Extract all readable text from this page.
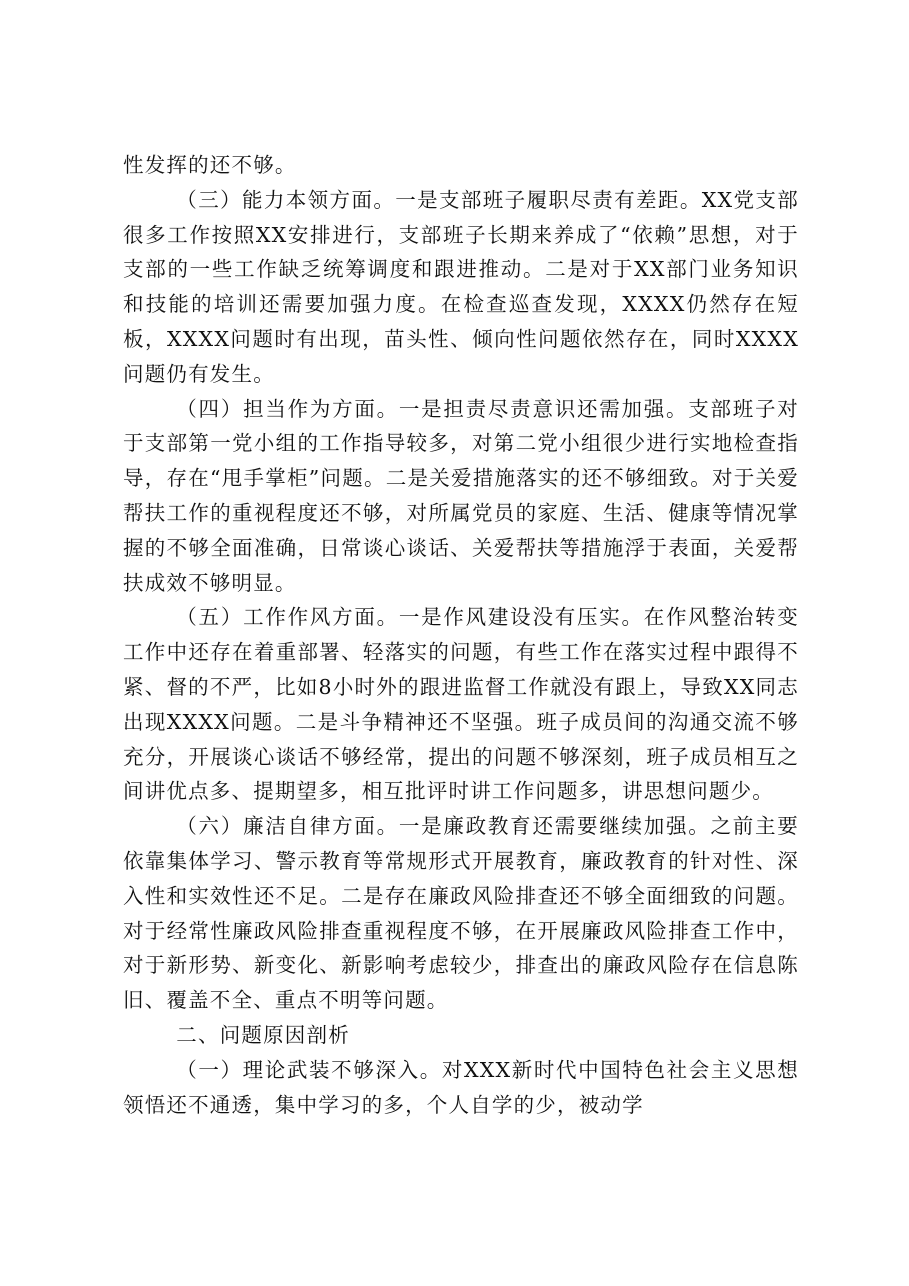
性发挥的还不够。

（三）能力本领方面。一是支部班子履职尽责有差距。XX党支部很多工作按照XX安排进行，支部班子长期来养成了“依赖”思想，对于支部的一些工作缺乏统筹调度和跟进推动。二是对于XX部门业务知识和技能的培训还需要加强力度。在检查巡查发现，XXXX仍然存在短板，XXXX问题时有出现，苗头性、倾向性问题依然存在，同时XXXX问题仍有发生。

（四）担当作为方面。一是担责尽责意识还需加强。支部班子对于支部第一党小组的工作指导较多，对第二党小组很少进行实地检查指导，存在“甩手掌柜”问题。二是关爱措施落实的还不够细致。对于关爱帮扶工作的重视程度还不够，对所属党员的家庭、生活、健康等情况掌握的不够全面准确，日常谈心谈话、关爱帮扶等措施浮于表面，关爱帮扶成效不够明显。

（五）工作作风方面。一是作风建设没有压实。在作风整治转变工作中还存在着重部署、轻落实的问题，有些工作在落实过程中跟得不紧、督的不严，比如8小时外的跟进监督工作就没有跟上，导致XX同志出现XXXX问题。二是斗争精神还不坚强。班子成员间的沟通交流不够充分，开展谈心谈话不够经常，提出的问题不够深刻，班子成员相互之间讲优点多、提期望多，相互批评时讲工作问题多，讲思想问题少。

（六）廉洁自律方面。一是廉政教育还需要继续加强。之前主要依靠集体学习、警示教育等常规形式开展教育，廉政教育的针对性、深入性和实效性还不足。二是存在廉政风险排查还不够全面细致的问题。对于经常性廉政风险排查重视程度不够，在开展廉政风险排查工作中，对于新形势、新变化、新影响考虑较少，排查出的廉政风险存在信息陈旧、覆盖不全、重点不明等问题。

二、问题原因剖析

（一）理论武装不够深入。对XXX新时代中国特色社会主义思想领悟还不通透，集中学习的多，个人自学的少，被动学
